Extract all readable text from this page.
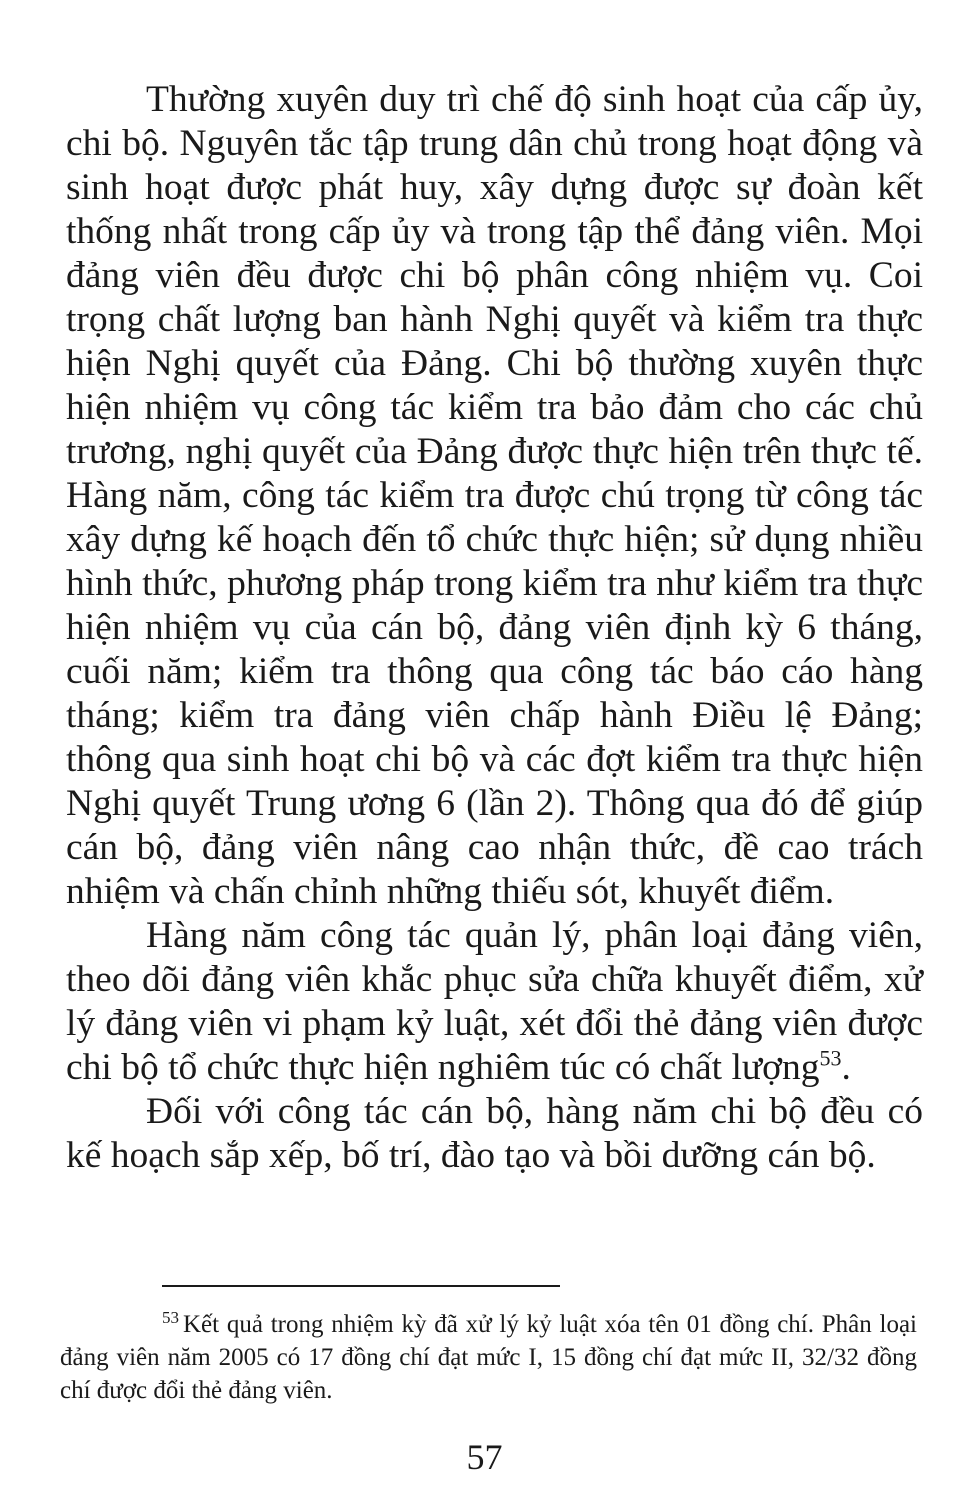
Thường xuyên duy trì chế độ sinh hoạt của cấp ủy, chi bộ. Nguyên tắc tập trung dân chủ trong hoạt động và sinh hoạt được phát huy, xây dựng được sự đoàn kết thống nhất trong cấp ủy và trong tập thể đảng viên. Mọi đảng viên đều được chi bộ phân công nhiệm vụ. Coi trọng chất lượng ban hành Nghị quyết và kiểm tra thực hiện Nghị quyết của Đảng. Chi bộ thường xuyên thực hiện nhiệm vụ công tác kiểm tra bảo đảm cho các chủ trương, nghị quyết của Đảng được thực hiện trên thực tế. Hàng năm, công tác kiểm tra được chú trọng từ công tác xây dựng kế hoạch đến tổ chức thực hiện; sử dụng nhiều hình thức, phương pháp trong kiểm tra như kiểm tra thực hiện nhiệm vụ của cán bộ, đảng viên định kỳ 6 tháng, cuối năm; kiểm tra thông qua công tác báo cáo hàng tháng; kiểm tra đảng viên chấp hành Điều lệ Đảng; thông qua sinh hoạt chi bộ và các đợt kiểm tra thực hiện Nghị quyết Trung ương 6 (lần 2). Thông qua đó để giúp cán bộ, đảng viên nâng cao nhận thức, đề cao trách nhiệm và chấn chỉnh những thiếu sót, khuyết điểm.

Hàng năm công tác quản lý, phân loại đảng viên, theo dõi đảng viên khắc phục sửa chữa khuyết điểm, xử lý đảng viên vi phạm kỷ luật, xét đổi thẻ đảng viên được chi bộ tổ chức thực hiện nghiêm túc có chất lượng$^{53}$.

Đối với công tác cán bộ, hàng năm chi bộ đều có kế hoạch sắp xếp, bố trí, đào tạo và bồi dưỡng cán bộ.

$^{53}$ Kết quả trong nhiệm kỳ đã xử lý kỷ luật xóa tên 01 đồng chí. Phân loại đảng viên năm 2005 có 17 đồng chí đạt mức I, 15 đồng chí đạt mức II, 32/32 đồng chí được đổi thẻ đảng viên.

57
